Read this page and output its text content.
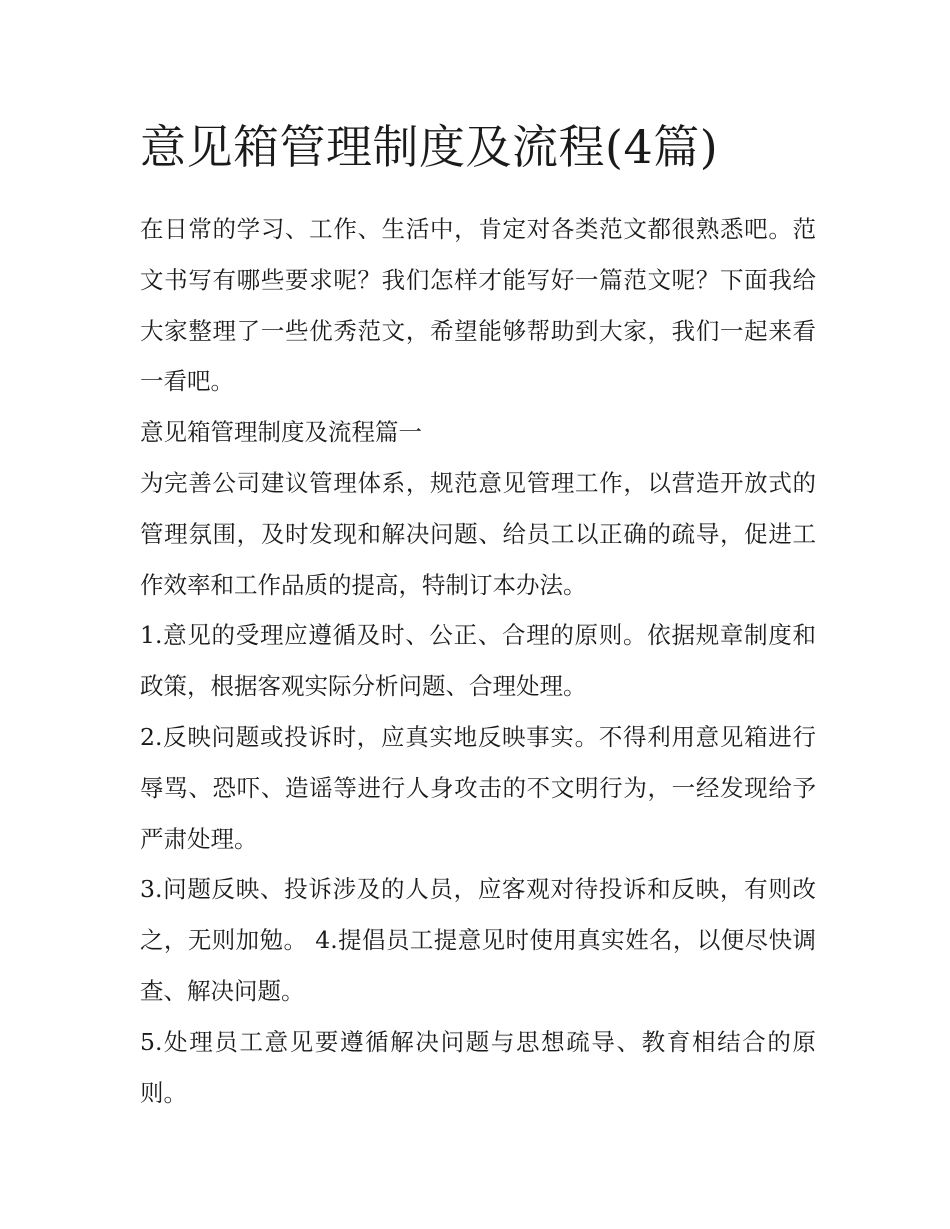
意见箱管理制度及流程(4篇)

在日常的学习、工作、生活中，肯定对各类范文都很熟悉吧。范文书写有哪些要求呢？我们怎样才能写好一篇范文呢？下面我给大家整理了一些优秀范文，希望能够帮助到大家，我们一起来看一看吧。

意见箱管理制度及流程篇一

为完善公司建议管理体系，规范意见管理工作，以营造开放式的管理氛围，及时发现和解决问题、给员工以正确的疏导，促进工作效率和工作品质的提高，特制订本办法。

1.意见的受理应遵循及时、公正、合理的原则。依据规章制度和政策，根据客观实际分析问题、合理处理。

2.反映问题或投诉时，应真实地反映事实。不得利用意见箱进行辱骂、恐吓、造谣等进行人身攻击的不文明行为，一经发现给予严肃处理。

3.问题反映、投诉涉及的人员，应客观对待投诉和反映，有则改之，无则加勉。 4.提倡员工提意见时使用真实姓名，以便尽快调查、解决问题。

5.处理员工意见要遵循解决问题与思想疏导、教育相结合的原则。
